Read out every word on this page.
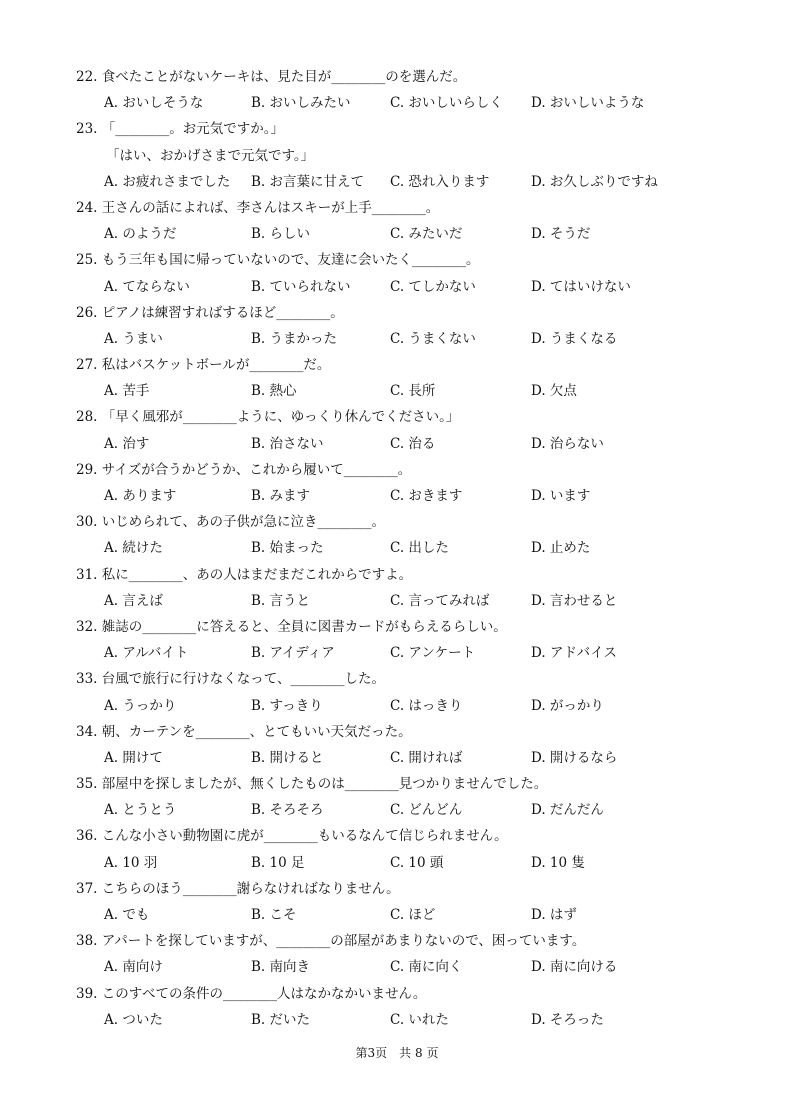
22. 食べたことがないケーキは、見た目が________のを選んだ。
A. おいしそうな	B. おいしみたい	C. おいしいらしく D. おいしいような
23. 「________。お元気ですか。」
「はい、おかげさまで元気です。」
A. お疲れさまでした B. お言葉に甘えて C. 恐れ入ります	D. お久しぶりですね
24. 王さんの話によれば、李さんはスキーが上手________。
A. のようだ	B. らしい	C. みたいだ	D. そうだ
25. もう三年も国に帰っていないので、友達に会いたく________。
A. てならない	B. ていられない	C. てしかない	D. てはいけない
26. ピアノは練習すればするほど________。
A. うまい	B. うまかった	C. うまくない	D. うまくなる
27. 私はバスケットボールが________だ。
A. 苦手	B. 熱心	C. 長所	D. 欠点
28. 「早く風邪が________ように、ゆっくり休んでください。」
A. 治す	B. 治さない	C. 治る	D. 治らない
29. サイズが合うかどうか、これから履いて________。
A. あります	B. みます	C. おきます	D. います
30. いじめられて、あの子供が急に泣き________。
A. 続けた	B. 始まった	C. 出した	D. 止めた
31. 私に________、あの人はまだまだこれからですよ。
A. 言えば	B. 言うと	C. 言ってみれば	D. 言わせると
32. 雑誌の________に答えると、全員に図書カードがもらえるらしい。
A. アルバイト	B. アイディア	C. アンケート	D. アドバイス
33. 台風で旅行に行けなくなって、________した。
A. うっかり	B. すっきり	C. はっきり	D. がっかり
34. 朝、カーテンを________、とてもいい天気だった。
A. 開けて	B. 開けると	C. 開ければ	D. 開けるなら
35. 部屋中を探しましたが、無くしたものは________見つかりませんでした。
A. とうとう	B. そろそろ	C. どんどん	D. だんだん
36. こんな小さい動物園に虎が________もいるなんて信じられません。
A. 10 羽	B. 10 足	C. 10 頭	D. 10 隻
37. こちらのほう________謝らなければなりません。
A. でも	B. こそ	C. ほど	D. はず
38. アパートを探していますが、________の部屋があまりないので、困っています。
A. 南向け	B. 南向き	C. 南に向く	D. 南に向ける
39. このすべての条件の________人はなかなかいません。
A. ついた	B. だいた	C. いれた	D. そろった
第3页　共 8 页
